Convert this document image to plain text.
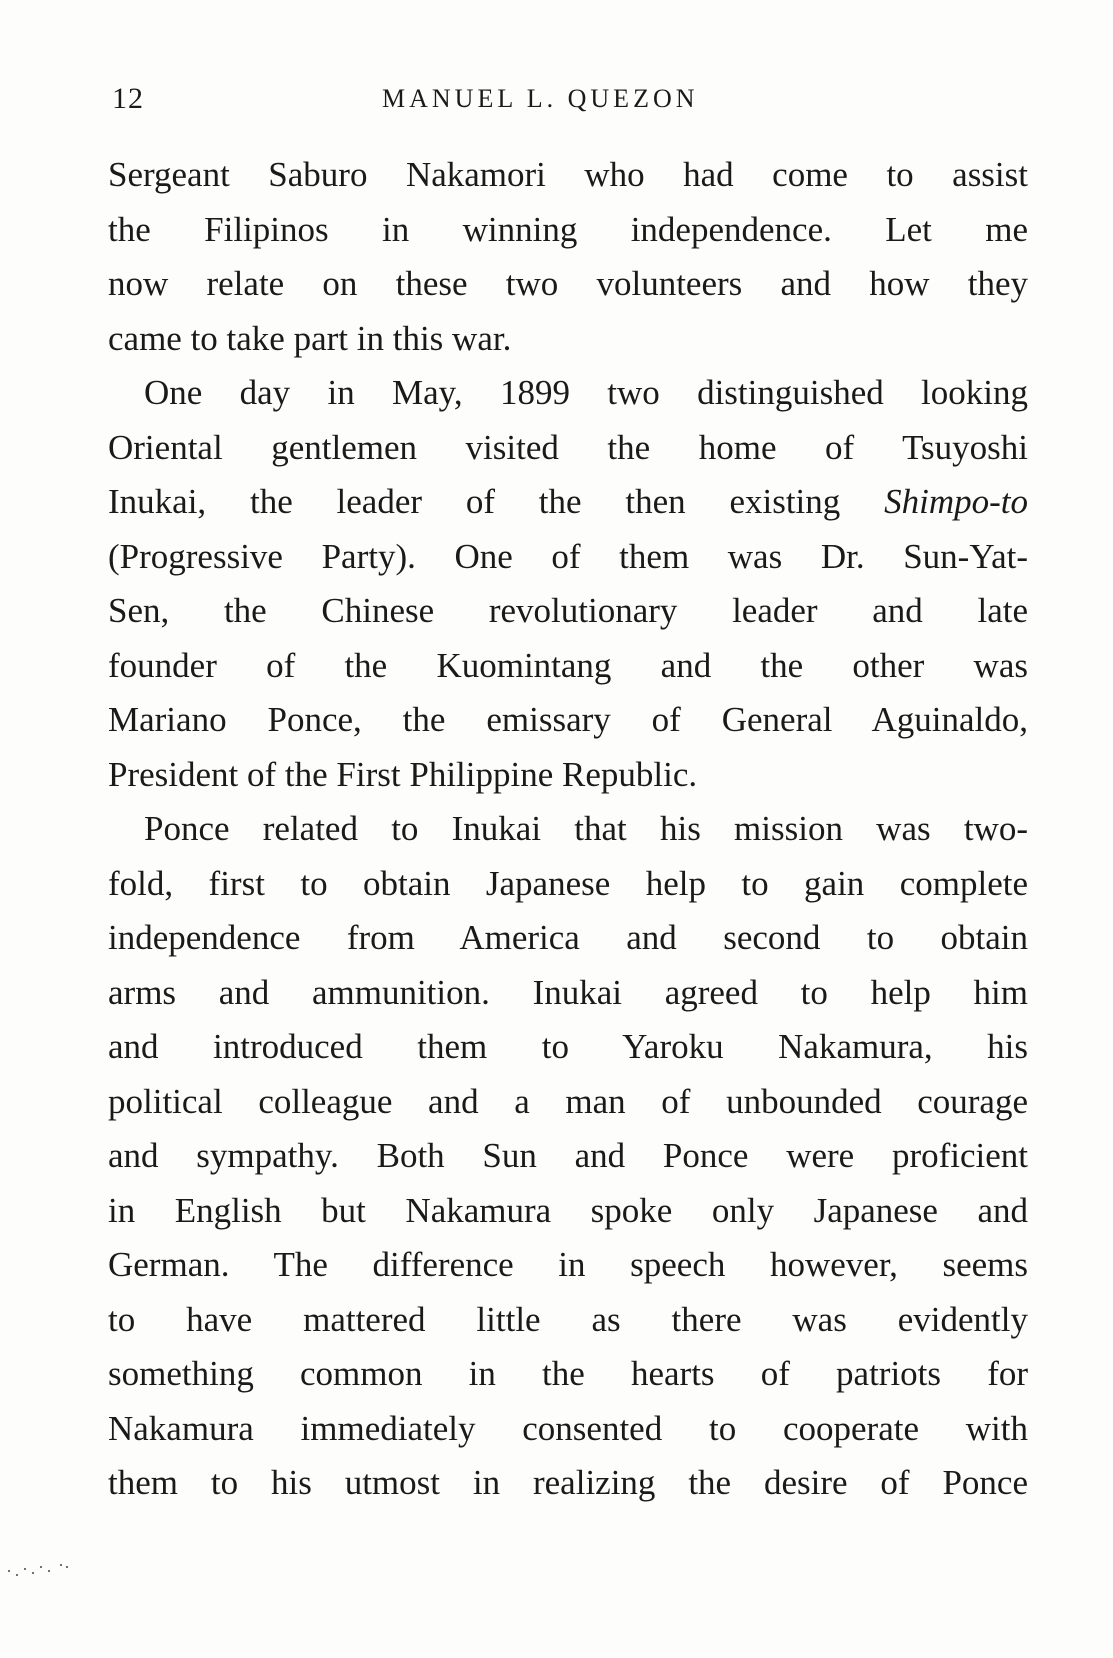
12	MANUEL L. QUEZON
Sergeant Saburo Nakamori who had come to assist
the Filipinos in winning independence. Let me
now relate on these two volunteers and how they
came to take part in this war.
One day in May, 1899 two distinguished looking
Oriental gentlemen visited the home of Tsuyoshi
Inukai, the leader of the then existing Shimpo-to
(Progressive Party). One of them was Dr. Sun-Yat-
Sen, the Chinese revolutionary leader and late
founder of the Kuomintang and the other was
Mariano Ponce, the emissary of General Aguinaldo,
President of the First Philippine Republic.
Ponce related to Inukai that his mission was two-
fold, first to obtain Japanese help to gain complete
independence from America and second to obtain
arms and ammunition. Inukai agreed to help him
and introduced them to Yaroku Nakamura, his
political colleague and a man of unbounded courage
and sympathy. Both Sun and Ponce were proficient
in English but Nakamura spoke only Japanese and
German. The difference in speech however, seems
to have mattered little as there was evidently
something common in the hearts of patriots for
Nakamura immediately consented to cooperate with
them to his utmost in realizing the desire of Ponce
